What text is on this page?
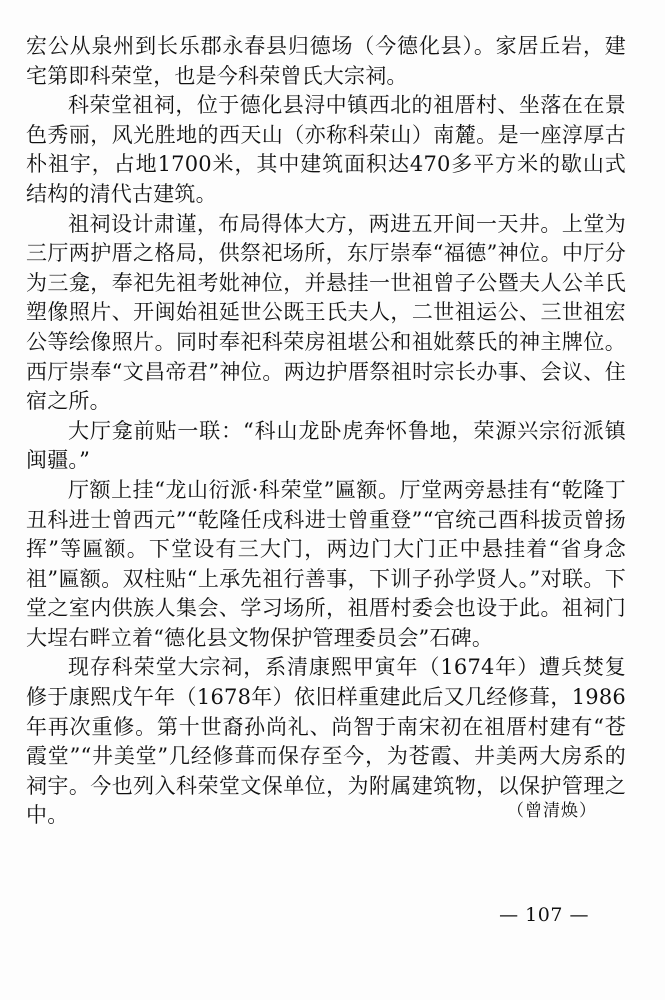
宏公从泉州到长乐郡永春县归德场（今德化县）。家居丘岩，建宅第即科荣堂，也是今科荣曾氏大宗祠。

科荣堂祖祠，位于德化县浔中镇西北的祖厝村、坐落在在景色秀丽，风光胜地的西天山（亦称科荣山）南麓。是一座淳厚古朴祖宇，占地1700米，其中建筑面积达470多平方米的歇山式结构的清代古建筑。

祖祠设计肃谨，布局得体大方，两进五开间一天井。上堂为三厅两护厝之格局，供祭祀场所，东厅崇奉“福德”神位。中厅分为三龛，奉祀先祖考妣神位，并悬挂一世祖曾子公暨夫人公羊氏塑像照片、开闽始祖延世公既王氏夫人，二世祖运公、三世祖宏公等绘像照片。同时奉祀科荣房祖堪公和祖妣蔡氏的神主牌位。西厅崇奉“文昌帝君”神位。两边护厝祭祖时宗长办事、会议、住宿之所。

大厅龛前贴一联：“科山龙卧虎奔怀鲁地，荣源兴宗衍派镇闽疆。”

厅额上挂“龙山衍派·科荣堂”匾额。厅堂两旁悬挂有“乾隆丁丑科进士曾西元”“乾隆任戌科进士曾重登”“官统己酉科拔贡曾扬挥”等匾额。下堂设有三大门，两边门大门正中悬挂着“省身念祖”匾额。双柱贴“上承先祖行善事，下训子孙学贤人。”对联。下堂之室内供族人集会、学习场所，祖厝村委会也设于此。祖祠门大埕右畔立着“德化县文物保护管理委员会”石碑。

现存科荣堂大宗祠，系清康熙甲寅年（1674年）遭兵焚复修于康熙戊午年（1678年）依旧样重建此后又几经修葺，1986年再次重修。第十世裔孙尚礼、尚智于南宋初在祖厝村建有“苍霞堂”“井美堂”几经修葺而保存至今，为苍霞、井美两大房系的祠宇。今也列入科荣堂文保单位，为附属建筑物，以保护管理之中。	（曾清焕）
— 107 —
